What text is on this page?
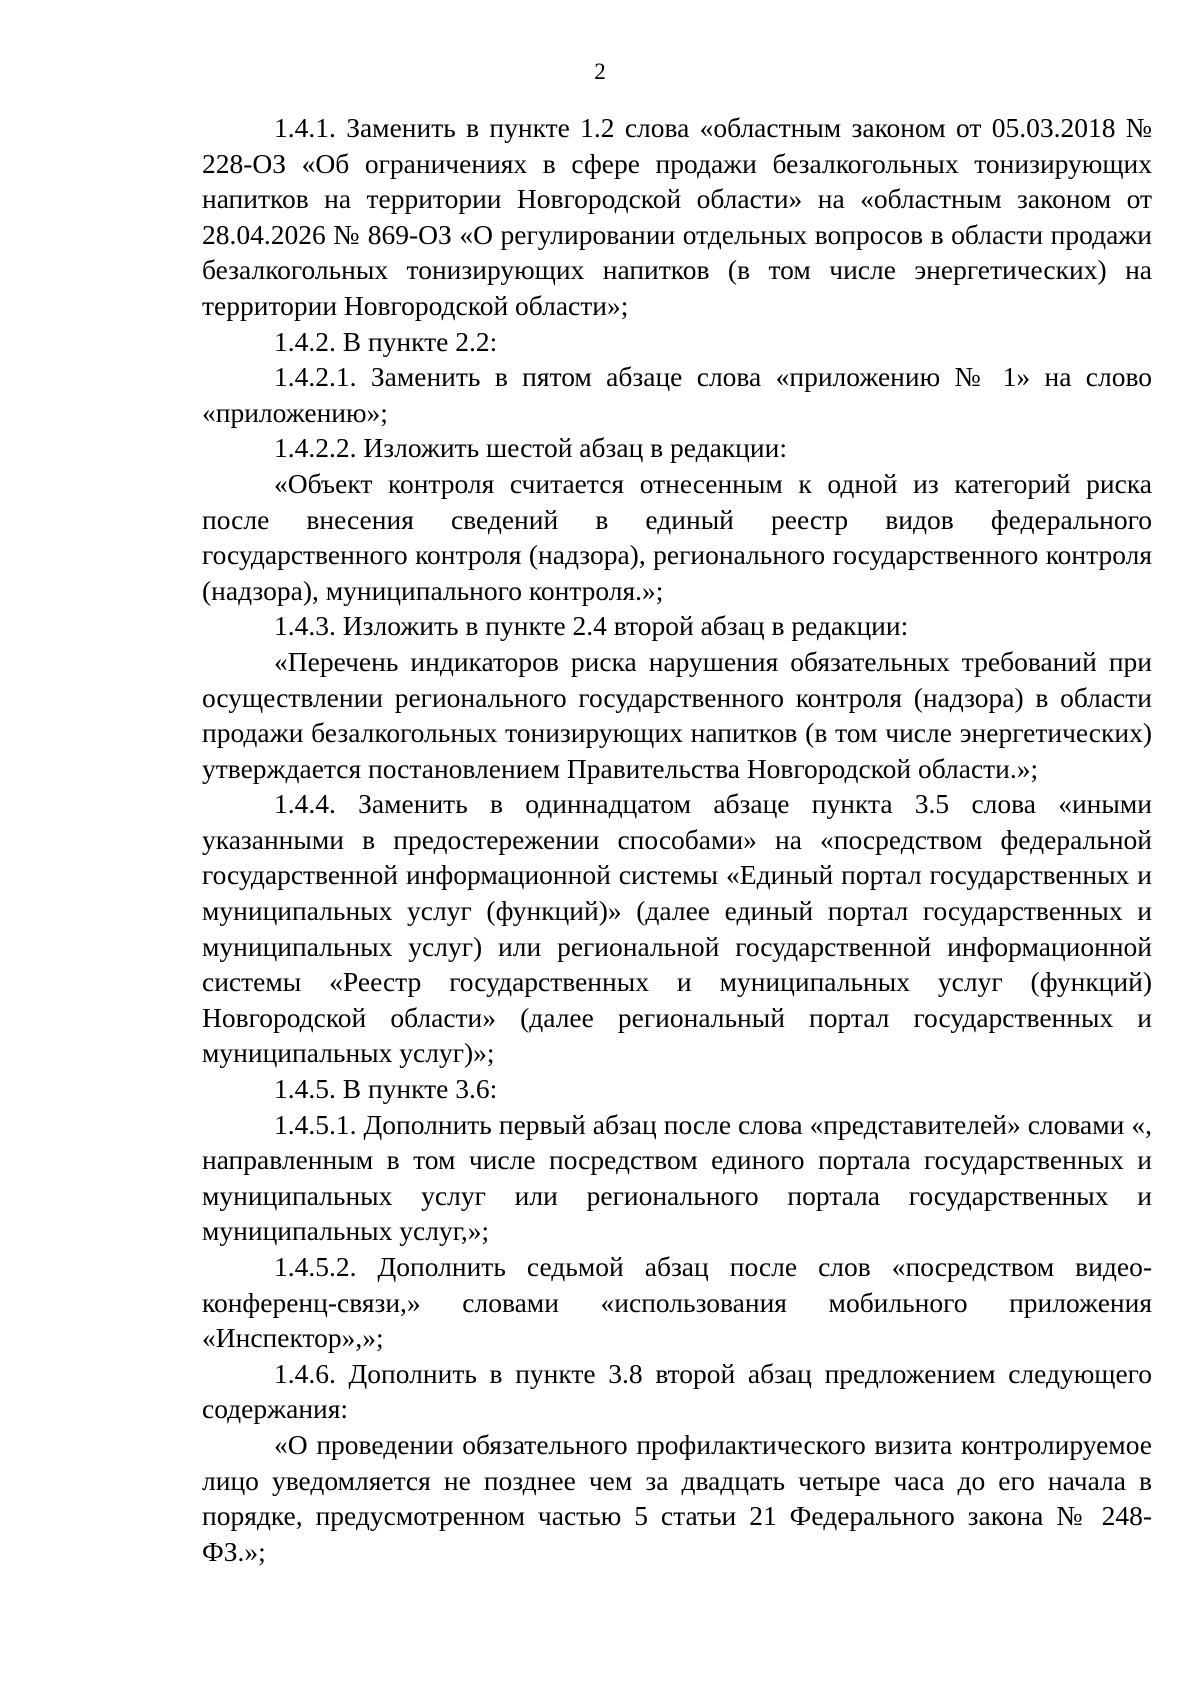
2

1.4.1. Заменить в пункте 1.2 слова «областным законом от 05.03.2018 № 228-ОЗ «Об ограничениях в сфере продажи безалкогольных тонизирующих напитков на территории Новгородской области» на «областным законом от 28.04.2026 № 869-ОЗ «О регулировании отдельных вопросов в области продажи безалкогольных тонизирующих напитков (в том числе энергетических) на территории Новгородской области»;

1.4.2. В пункте 2.2:

1.4.2.1. Заменить в пятом абзаце слова «приложению № 1» на слово «приложению»;

1.4.2.2. Изложить шестой абзац в редакции:

«Объект контроля считается отнесенным к одной из категорий риска после внесения сведений в единый реестр видов федерального государственного контроля (надзора), регионального государственного контроля (надзора), муниципального контроля.»;

1.4.3. Изложить в пункте 2.4 второй абзац в редакции:

«Перечень индикаторов риска нарушения обязательных требований при осуществлении регионального государственного контроля (надзора) в области продажи безалкогольных тонизирующих напитков (в том числе энергетических) утверждается постановлением Правительства Новгородской области.»;

1.4.4. Заменить в одиннадцатом абзаце пункта 3.5 слова «иными указанными в предостережении способами» на «посредством федеральной государственной информационной системы «Единый портал государственных и муниципальных услуг (функций)» (далее единый портал государственных и муниципальных услуг) или региональной государственной информационной системы «Реестр государственных и муниципальных услуг (функций) Новгородской области» (далее региональный портал государственных и муниципальных услуг)»;

1.4.5. В пункте 3.6:

1.4.5.1. Дополнить первый абзац после слова «представителей» словами «, направленным в том числе посредством единого портала государственных и муниципальных услуг или регионального портала государственных и муниципальных услуг,»;

1.4.5.2. Дополнить седьмой абзац после слов «посредством видео-конференц-связи,» словами «использования мобильного приложения «Инспектор»,»;

1.4.6. Дополнить в пункте 3.8 второй абзац предложением следующего содержания:

«О проведении обязательного профилактического визита контролируемое лицо уведомляется не позднее чем за двадцать четыре часа до его начала в порядке, предусмотренном частью 5 статьи 21 Федерального закона № 248-ФЗ.»;
